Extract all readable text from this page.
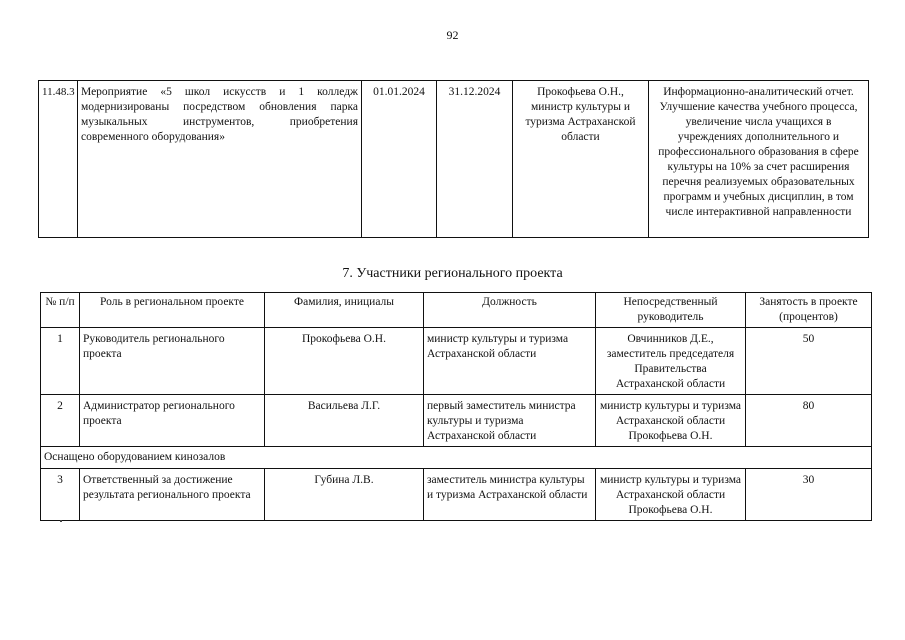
92
11.48.3	Мероприятие «5 школ искусств и 1 колледж модернизированы посредством обновления парка музыкальных инструментов, приобретения современного оборудования»	01.01.2024	31.12.2024	Прокофьева О.Н., министр культуры и туризма Астраханской области	Информационно-аналитический отчет. Улучшение качества учебного процесса, увеличение числа учащихся в учреждениях дополнительного и профессионального образования в сфере культуры на 10% за счет расширения перечня реализуемых образовательных программ и учебных дисциплин, в том числе интерактивной направленности
7. Участники регионального проекта
№ п/п	Роль в региональном проекте	Фамилия, инициалы	Должность	Непосредственный руководитель	Занятость в проекте (процентов)
1	Руководитель регионального проекта	Прокофьева О.Н.	министр культуры и туризма Астраханской области	Овчинников Д.Е., заместитель председателя Правительства Астраханской области	50
2	Администратор регионального проекта	Васильева Л.Г.	первый заместитель министра культуры и туризма Астраханской области	министр культуры и туризма Астраханской области Прокофьева О.Н.	80
Оснащено оборудованием кинозалов					
3	Ответственный за достижение результата регионального проекта	Губина Л.В.	заместитель министра культуры и туризма Астраханской области	министр культуры и туризма Астраханской области Прокофьева О.Н.	30
